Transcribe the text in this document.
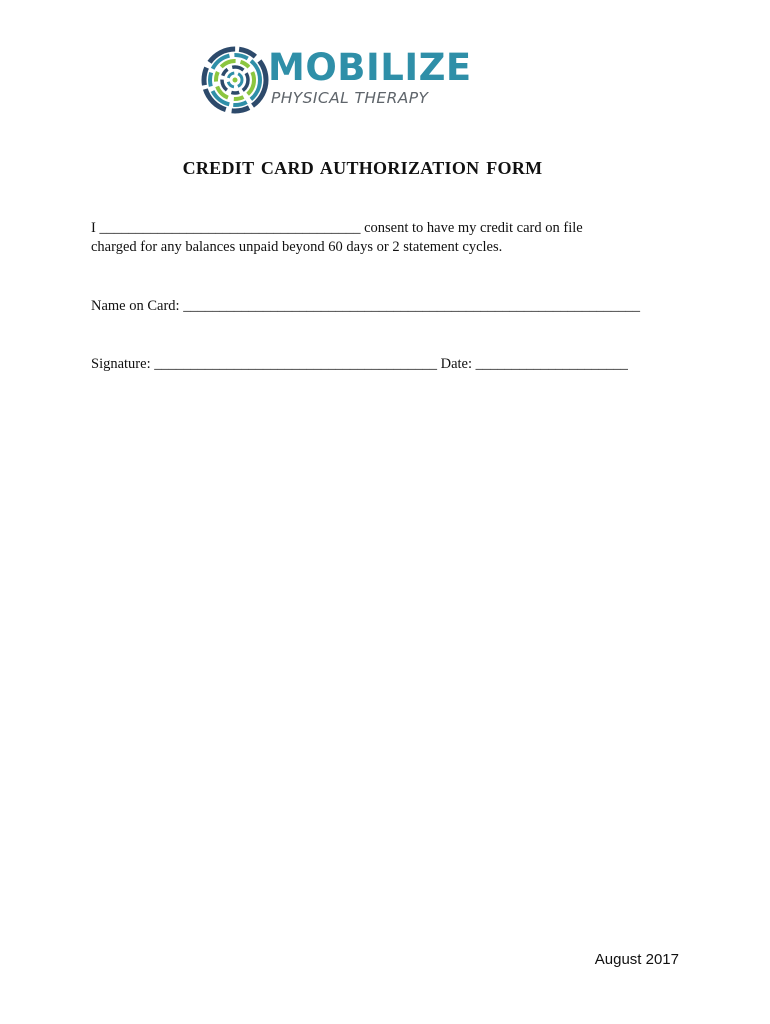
MOBILIZE
PHYSICAL THERAPY
CREDIT CARD AUTHORIZATION FORM
I ____________________________________ consent to have my credit card on file
charged for any balances unpaid beyond 60 days or 2 statement cycles.
Name on Card: _______________________________________________________________
Signature: _______________________________________ Date: _____________________
August 2017
